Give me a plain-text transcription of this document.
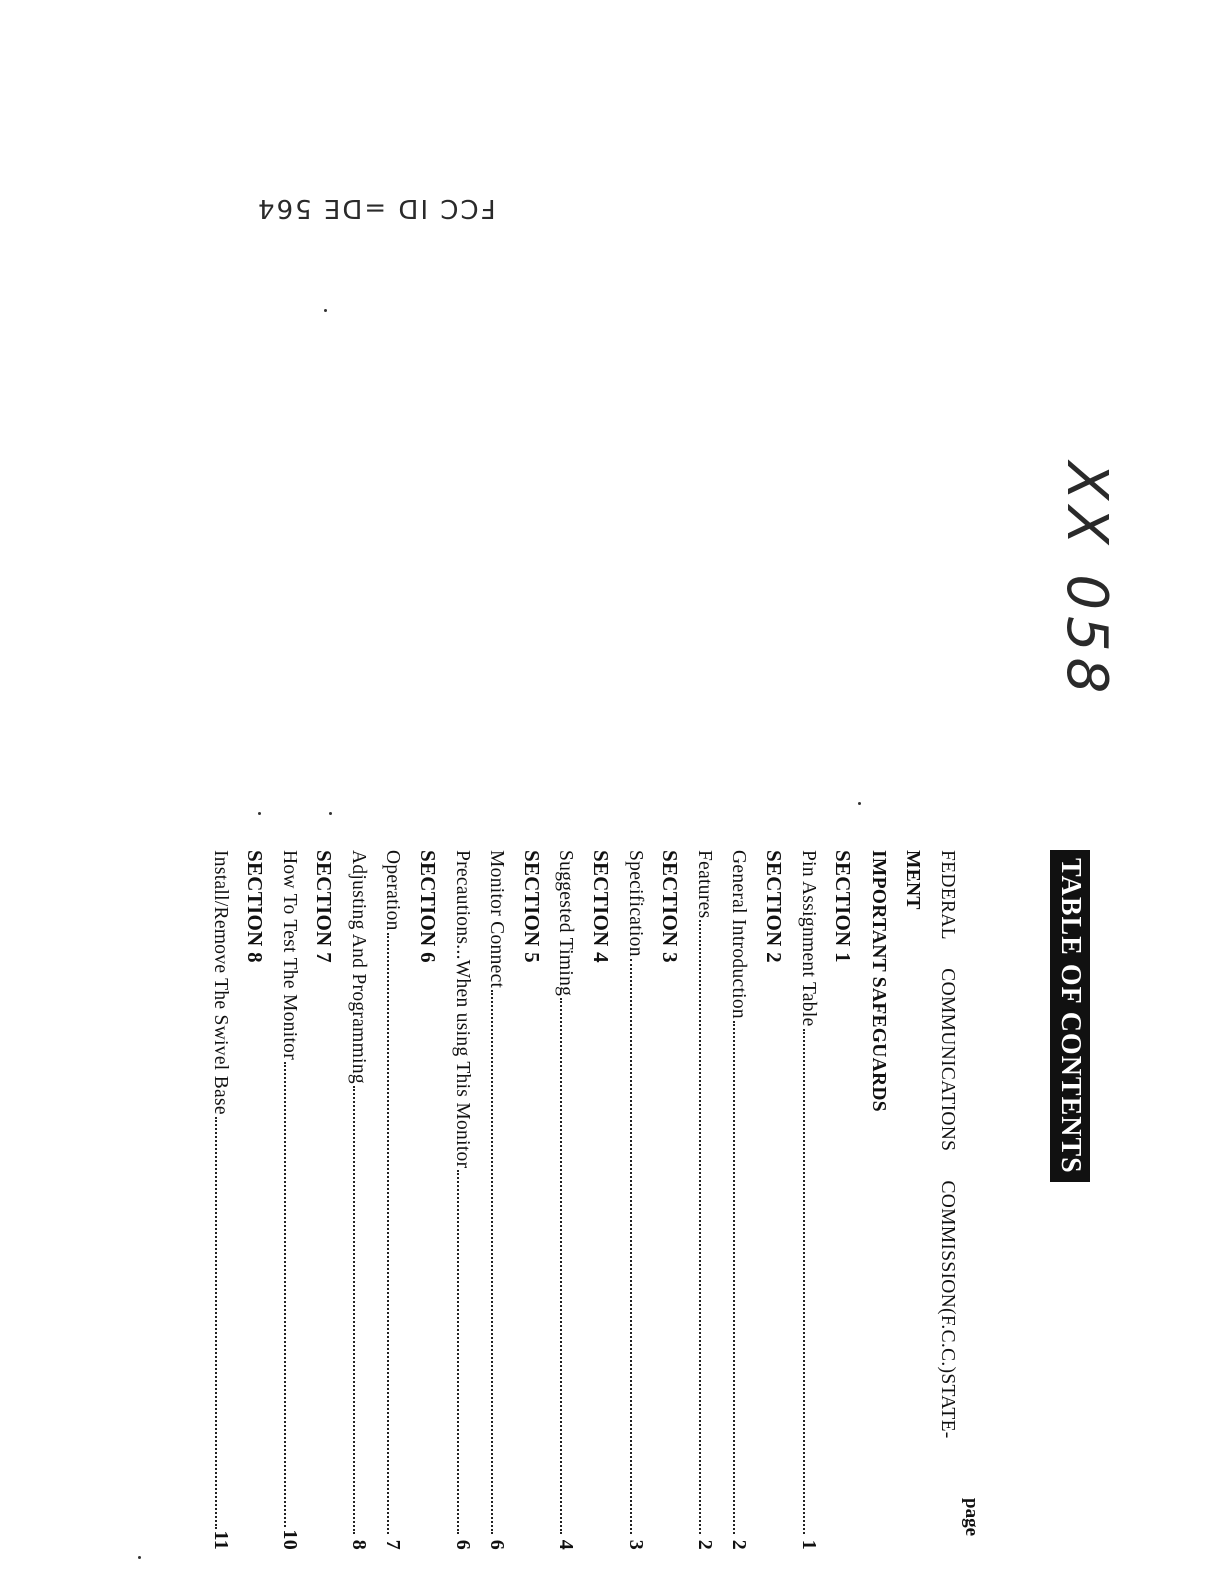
FCC ID =DE 564
XX 058
TABLE OF CONTENTS
page
FEDERAL COMMUNICATIONS COMMISSION(F.C.C.)STATE-
MENT
IMPORTANT SAFEGUARDS
SECTION 1
Pin Assignment Table
1
SECTION 2
General Introduction
2
Features
2
SECTION 3
Specification
3
SECTION 4
Suggested Timing
4
SECTION 5
Monitor Connect
6
Precautions...When using This Monitor
6
SECTION 6
Operation
7
Adjusting And Programming
8
SECTION 7
How To Test The Monitor
10
SECTION 8
Install/Remove The Swivel Base
11
